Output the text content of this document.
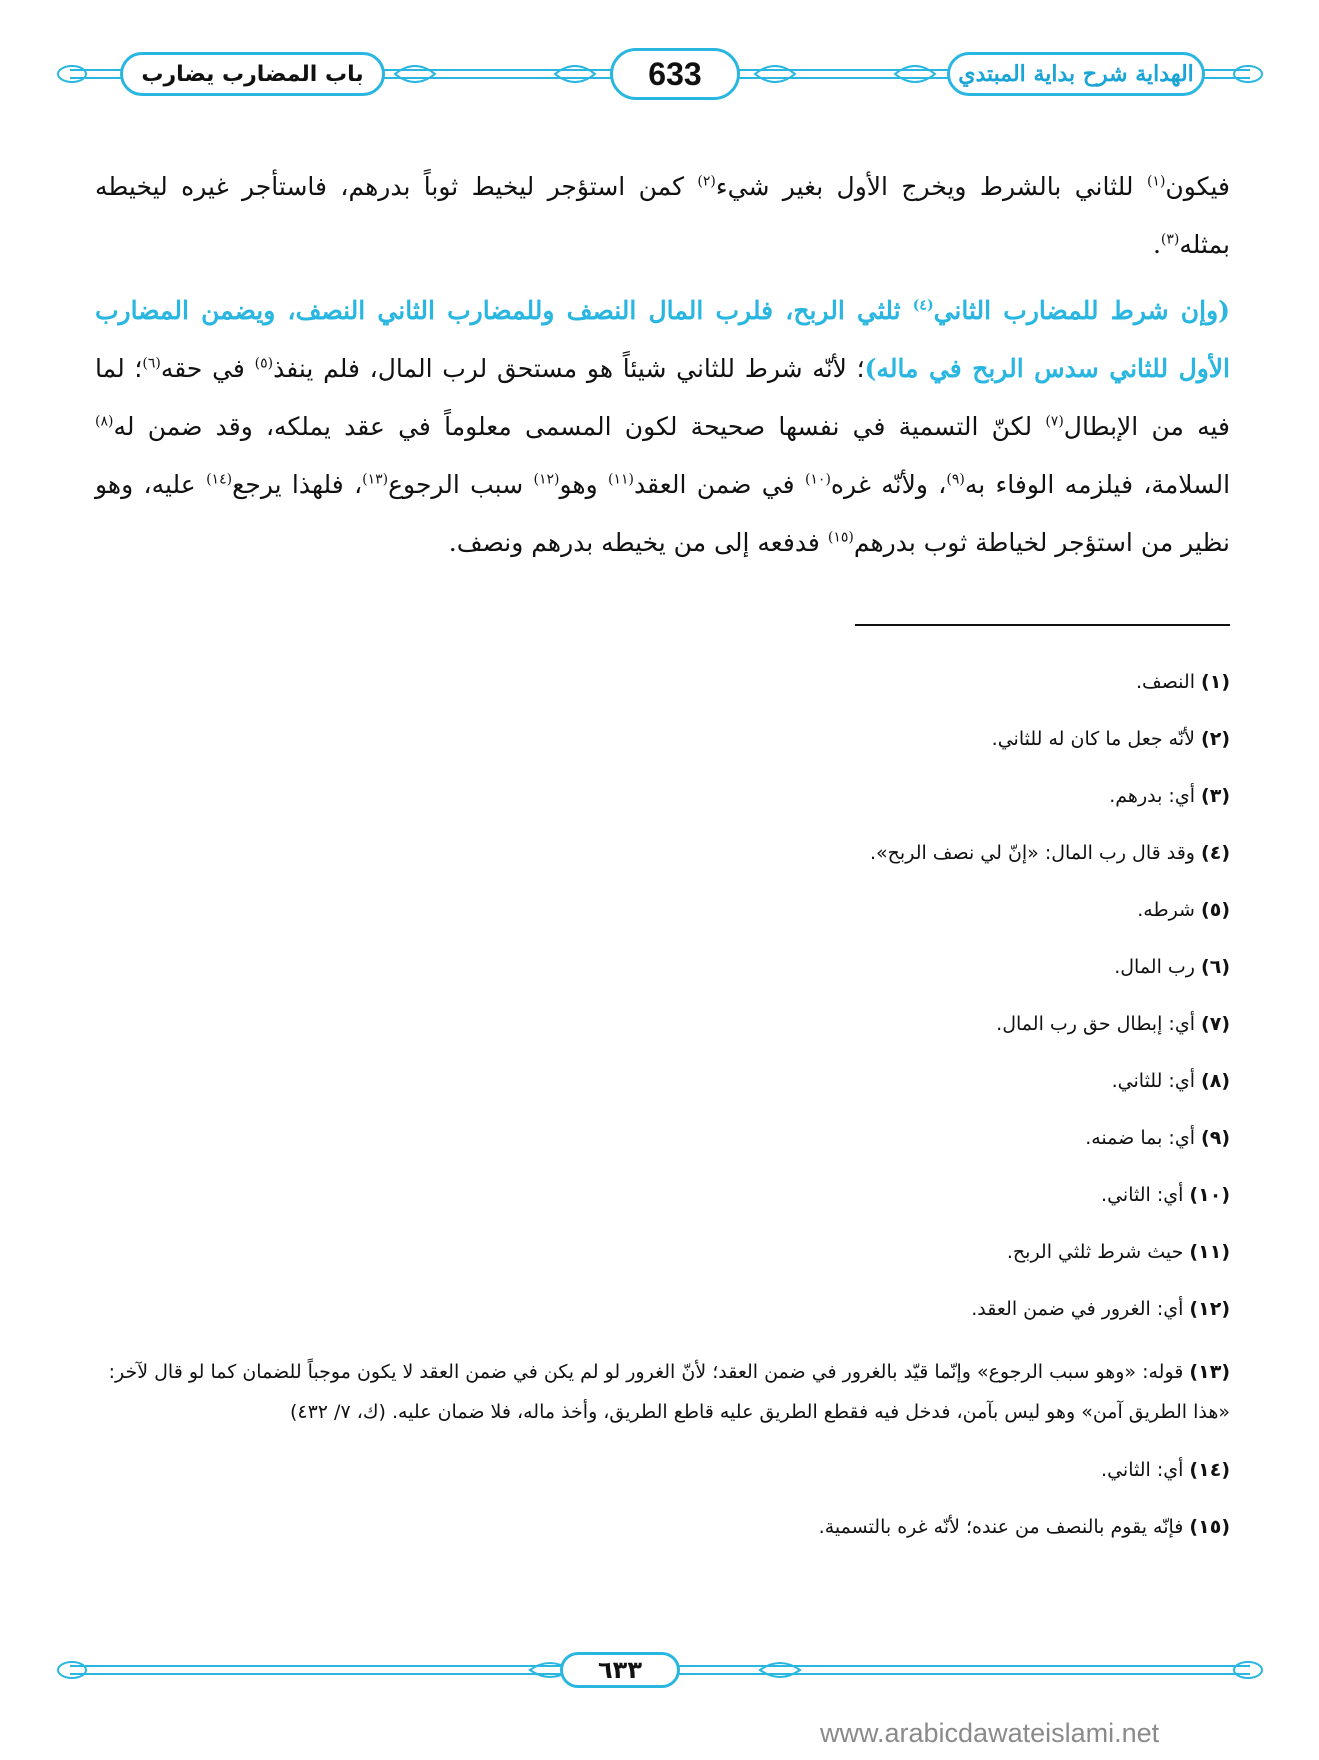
باب المضارب يضارب	633	الهداية شرح بداية المبتدي

فيكون$^{(١)}$ للثاني بالشرط ويخرج الأول بغير شيء$^{(٢)}$ كمن استؤجر ليخيط ثوباً بدرهم، فاستأجر غيره ليخيطه بمثله$^{(٣)}$.

(وإن شرط للمضارب الثاني$^{(٤)}$ ثلثي الربح، فلرب المال النصف وللمضارب الثاني النصف، ويضمن المضارب الأول للثاني سدس الربح في ماله)؛ لأنّه شرط للثاني شيئاً هو مستحق لرب المال، فلم ينفذ$^{(٥)}$ في حقه$^{(٦)}$؛ لما فيه من الإبطال$^{(٧)}$ لكنّ التسمية في نفسها صحيحة لكون المسمى معلوماً في عقد يملكه، وقد ضمن له$^{(٨)}$ السلامة، فيلزمه الوفاء به$^{(٩)}$، ولأنّه غره$^{(١٠)}$ في ضمن العقد$^{(١١)}$ وهو$^{(١٢)}$ سبب الرجوع$^{(١٣)}$، فلهذا يرجع$^{(١٤)}$ عليه، وهو نظير من استؤجر لخياطة ثوب بدرهم$^{(١٥)}$ فدفعه إلى من يخيطه بدرهم ونصف.

(١) النصف.
(٢) لأنّه جعل ما كان له للثاني.
(٣) أي: بدرهم.
(٤) وقد قال رب المال: «إنّ لي نصف الربح».
(٥) شرطه.
(٦) رب المال.
(٧) أي: إبطال حق رب المال.
(٨) أي: للثاني.
(٩) أي: بما ضمنه.
(١٠) أي: الثاني.
(١١) حيث شرط ثلثي الربح.
(١٢) أي: الغرور في ضمن العقد.
(١٣) قوله: «وهو سبب الرجوع» وإنّما قيّد بالغرور في ضمن العقد؛ لأنّ الغرور لو لم يكن في ضمن العقد لا يكون موجباً للضمان كما لو قال لآخر: «هذا الطريق آمن» وهو ليس بآمن، فدخل فيه فقطع الطريق عليه قاطع الطريق، وأخذ ماله، فلا ضمان عليه. (ك، ٧/ ٤٣٢)
(١٤) أي: الثاني.
(١٥) فإنّه يقوم بالنصف من عنده؛ لأنّه غره بالتسمية.
٦٣٣
www.arabicdawateislami.net
